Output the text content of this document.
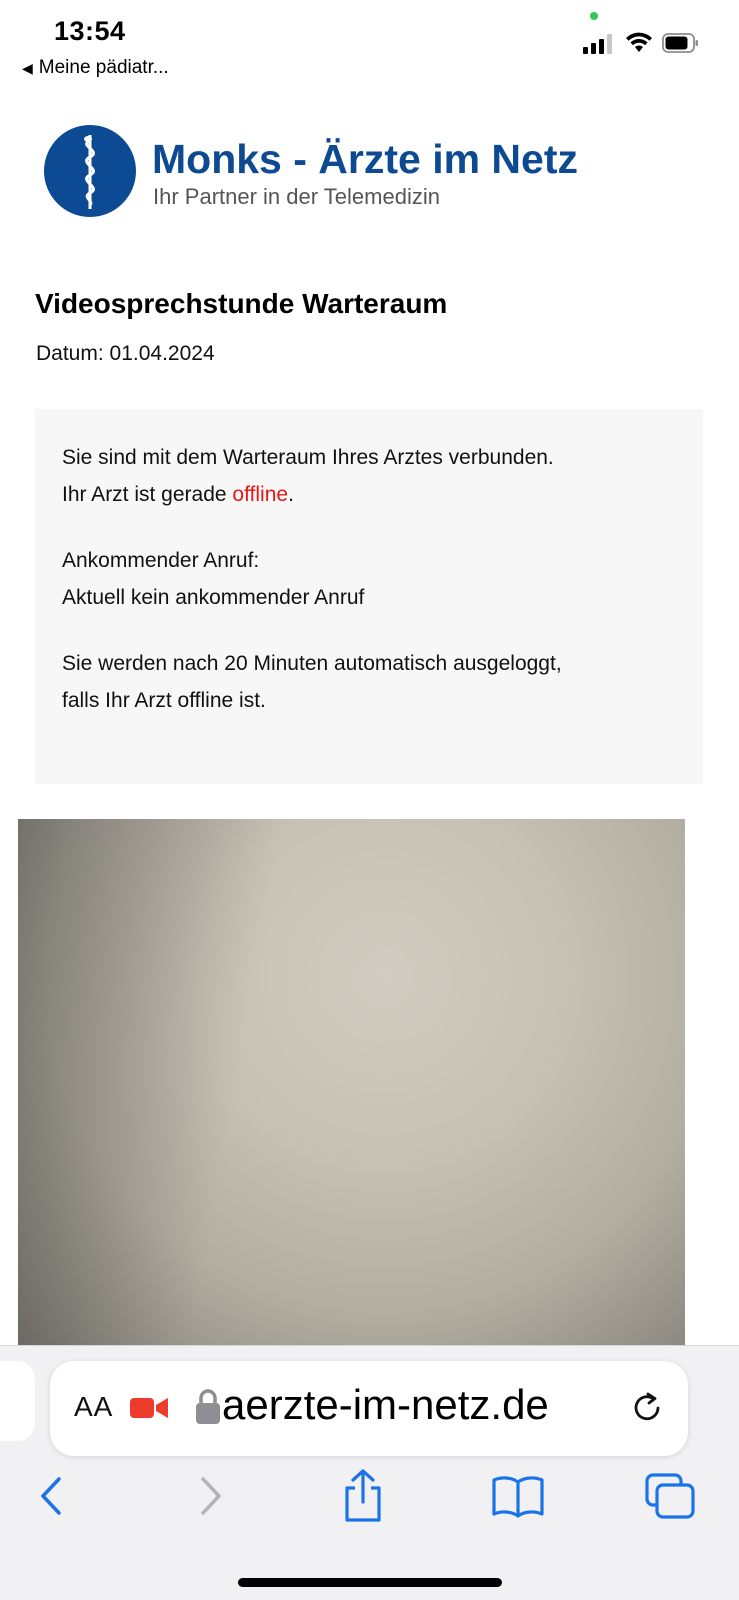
13:54
◀ Meine pädiatr...
Monks - Ärzte im Netz
Ihr Partner in der Telemedizin
Videosprechstunde Warteraum
Datum: 01.04.2024

Sie sind mit dem Warteraum Ihres Arztes verbunden.
Ihr Arzt ist gerade offline.

Ankommender Anruf:
Aktuell kein ankommender Anruf

Sie werden nach 20 Minuten automatisch ausgeloggt,
falls Ihr Arzt offline ist.

AA	aerzte-im-netz.de
